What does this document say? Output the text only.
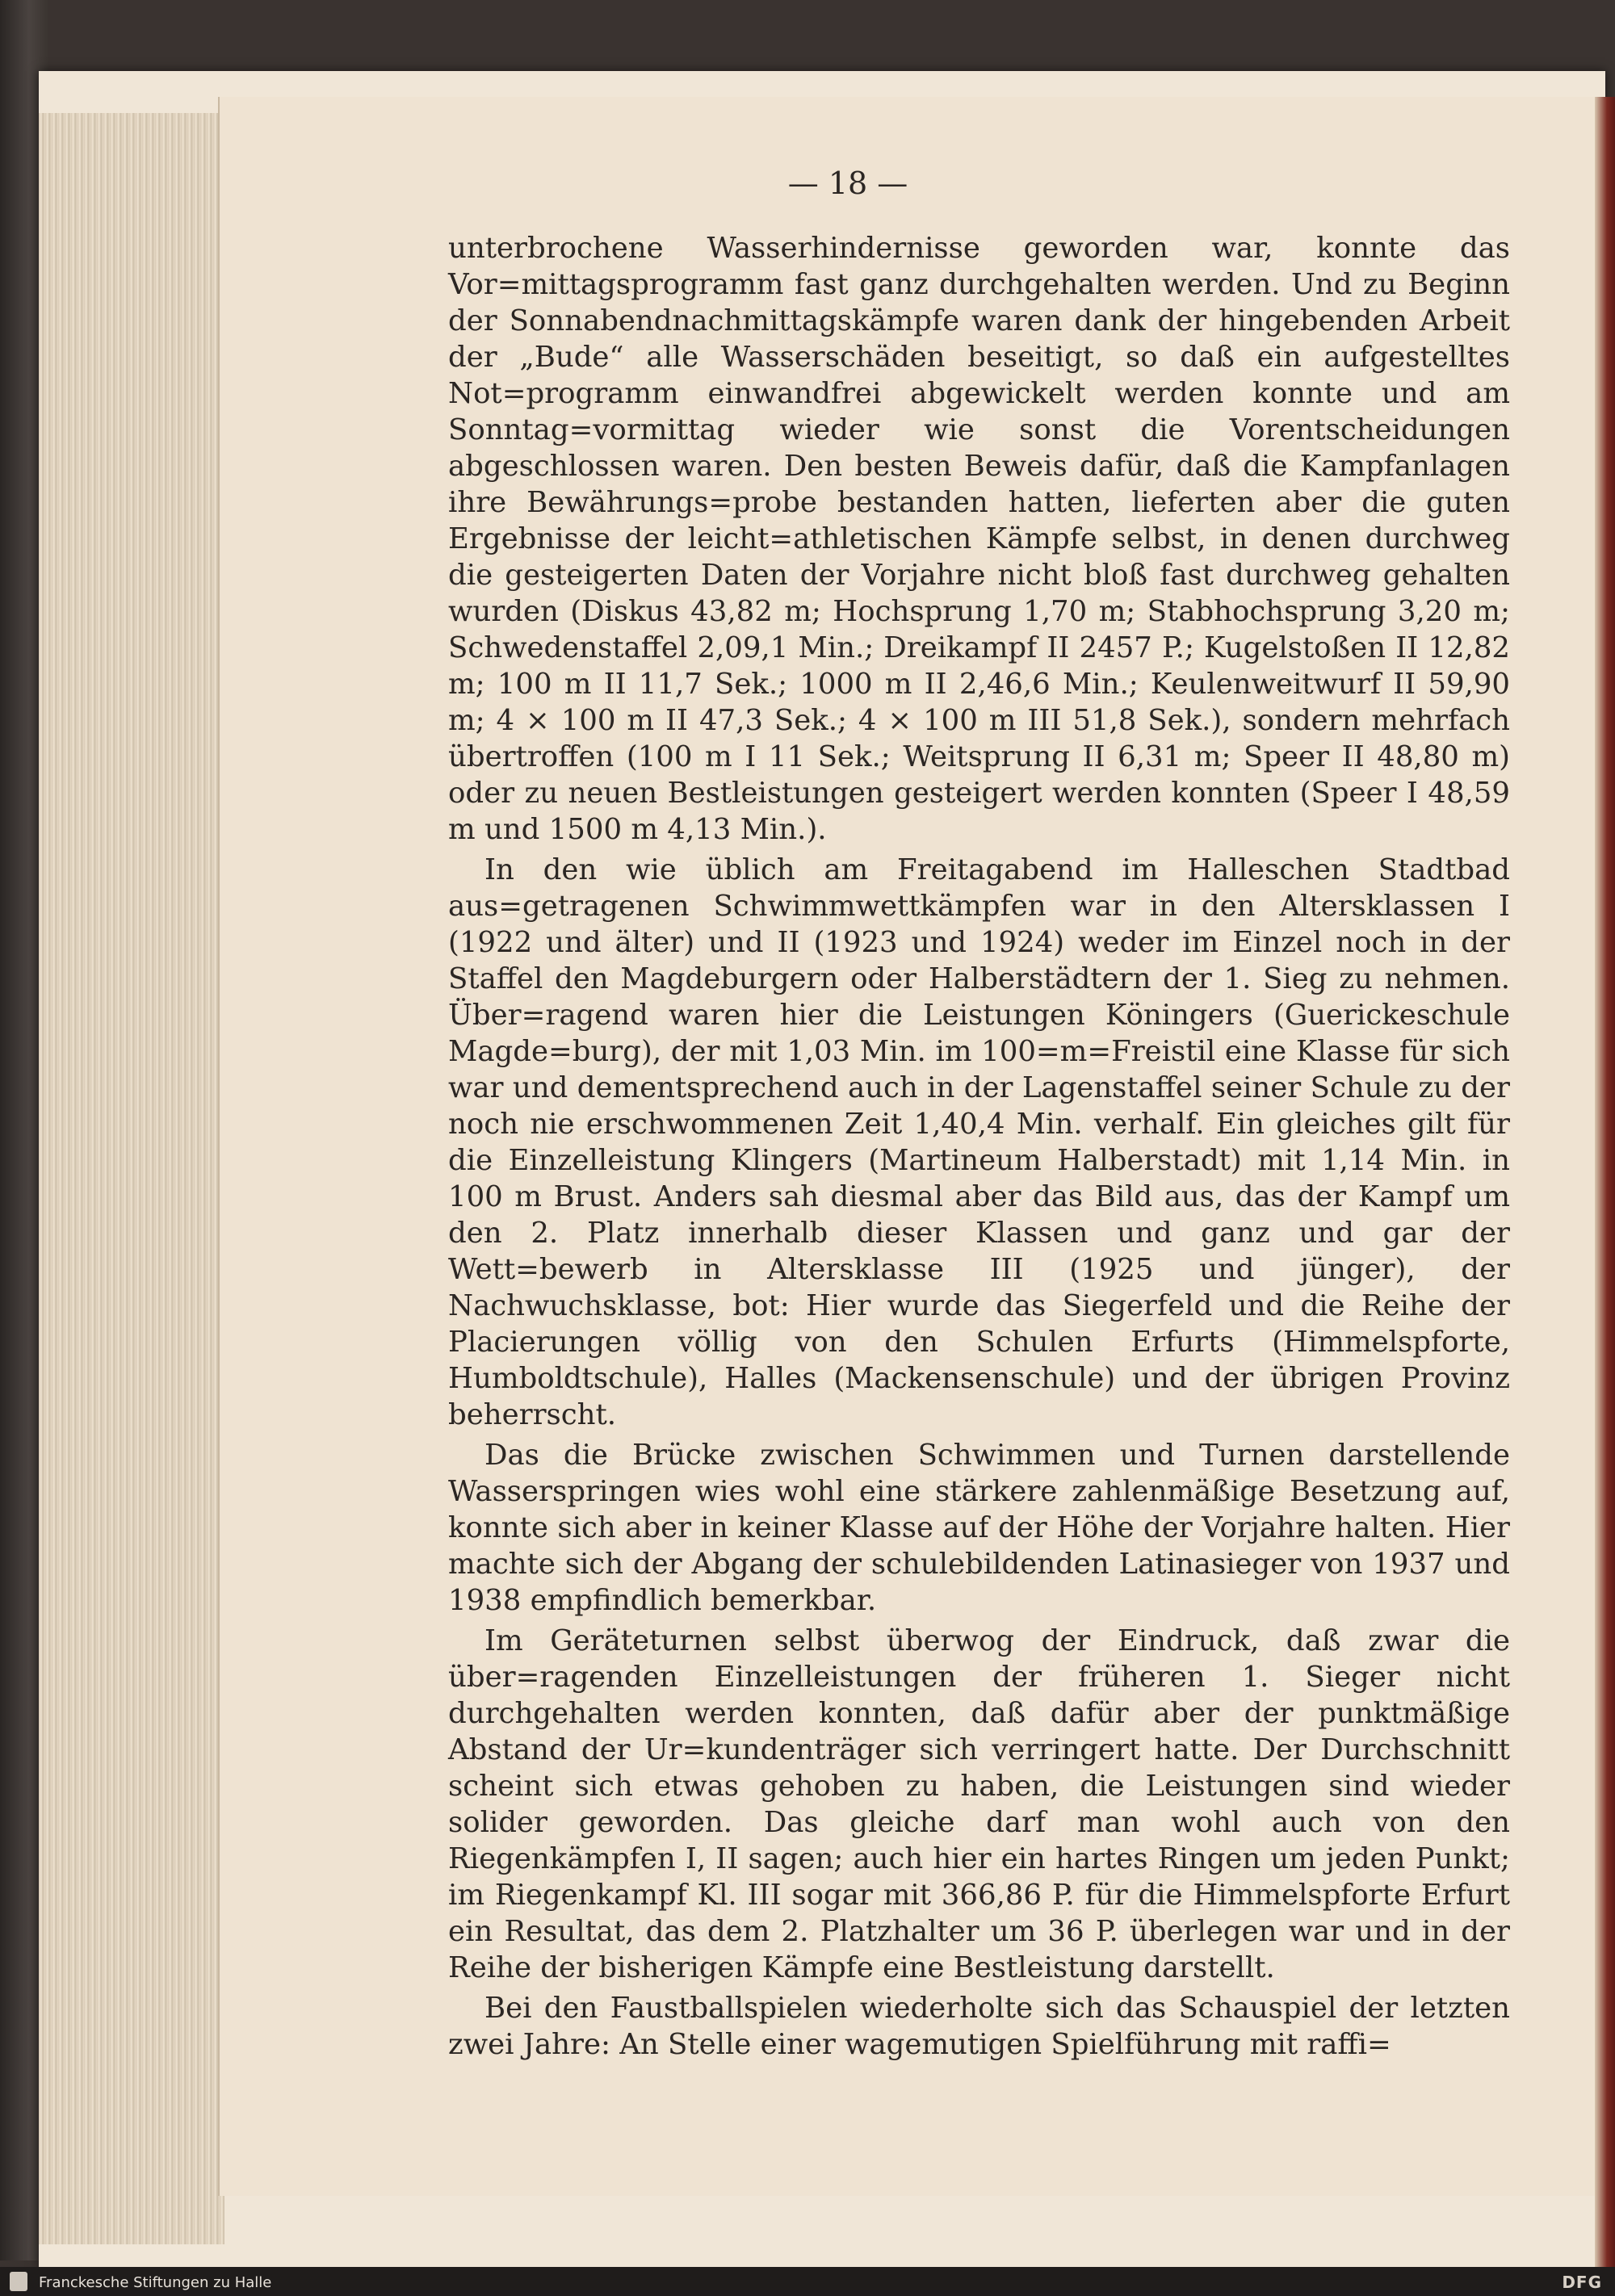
— 18 —

unterbrochene Wasserhindernisse geworden war, konnte das Vor=mittagsprogramm fast ganz durchgehalten werden. Und zu Beginn der Sonnabendnachmittagskämpfe waren dank der hingebenden Arbeit der „Bude“ alle Wasserschäden beseitigt, so daß ein aufgestelltes Not=programm einwandfrei abgewickelt werden konnte und am Sonntag=vormittag wieder wie sonst die Vorentscheidungen abgeschlossen waren. Den besten Beweis dafür, daß die Kampfanlagen ihre Bewährungs=probe bestanden hatten, lieferten aber die guten Ergebnisse der leicht=athletischen Kämpfe selbst, in denen durchweg die gesteigerten Daten der Vorjahre nicht bloß fast durchweg gehalten wurden (Diskus 43,82 m; Hochsprung 1,70 m; Stabhochsprung 3,20 m; Schwedenstaffel 2,09,1 Min.; Dreikampf II 2457 P.; Kugelstoßen II 12,82 m; 100 m II 11,7 Sek.; 1000 m II 2,46,6 Min.; Keulenweitwurf II 59,90 m; 4 × 100 m II 47,3 Sek.; 4 × 100 m III 51,8 Sek.), sondern mehrfach übertroffen (100 m I 11 Sek.; Weitsprung II 6,31 m; Speer II 48,80 m) oder zu neuen Bestleistungen gesteigert werden konnten (Speer I 48,59 m und 1500 m 4,13 Min.).

In den wie üblich am Freitagabend im Halleschen Stadtbad aus=getragenen Schwimmwettkämpfen war in den Altersklassen I (1922 und älter) und II (1923 und 1924) weder im Einzel noch in der Staffel den Magdeburgern oder Halberstädtern der 1. Sieg zu nehmen. Über=ragend waren hier die Leistungen Köningers (Guerickeschule Magde=burg), der mit 1,03 Min. im 100=m=Freistil eine Klasse für sich war und dementsprechend auch in der Lagenstaffel seiner Schule zu der noch nie erschwommenen Zeit 1,40,4 Min. verhalf. Ein gleiches gilt für die Einzelleistung Klingers (Martineum Halberstadt) mit 1,14 Min. in 100 m Brust. Anders sah diesmal aber das Bild aus, das der Kampf um den 2. Platz innerhalb dieser Klassen und ganz und gar der Wett=bewerb in Altersklasse III (1925 und jünger), der Nachwuchsklasse, bot: Hier wurde das Siegerfeld und die Reihe der Placierungen völlig von den Schulen Erfurts (Himmelspforte, Humboldtschule), Halles (Mackensenschule) und der übrigen Provinz beherrscht.

Das die Brücke zwischen Schwimmen und Turnen darstellende Wasserspringen wies wohl eine stärkere zahlenmäßige Besetzung auf, konnte sich aber in keiner Klasse auf der Höhe der Vorjahre halten. Hier machte sich der Abgang der schulebildenden Latinasieger von 1937 und 1938 empfindlich bemerkbar.

Im Geräteturnen selbst überwog der Eindruck, daß zwar die über=ragenden Einzelleistungen der früheren 1. Sieger nicht durchgehalten werden konnten, daß dafür aber der punktmäßige Abstand der Ur=kundenträger sich verringert hatte. Der Durchschnitt scheint sich etwas gehoben zu haben, die Leistungen sind wieder solider geworden. Das gleiche darf man wohl auch von den Riegenkämpfen I, II sagen; auch hier ein hartes Ringen um jeden Punkt; im Riegenkampf Kl. III sogar mit 366,86 P. für die Himmelspforte Erfurt ein Resultat, das dem 2. Platzhalter um 36 P. überlegen war und in der Reihe der bisherigen Kämpfe eine Bestleistung darstellt.

Bei den Faustballspielen wiederholte sich das Schauspiel der letzten zwei Jahre: An Stelle einer wagemutigen Spielführung mit raffi=

Franckesche Stiftungen zu Halle	DFG
